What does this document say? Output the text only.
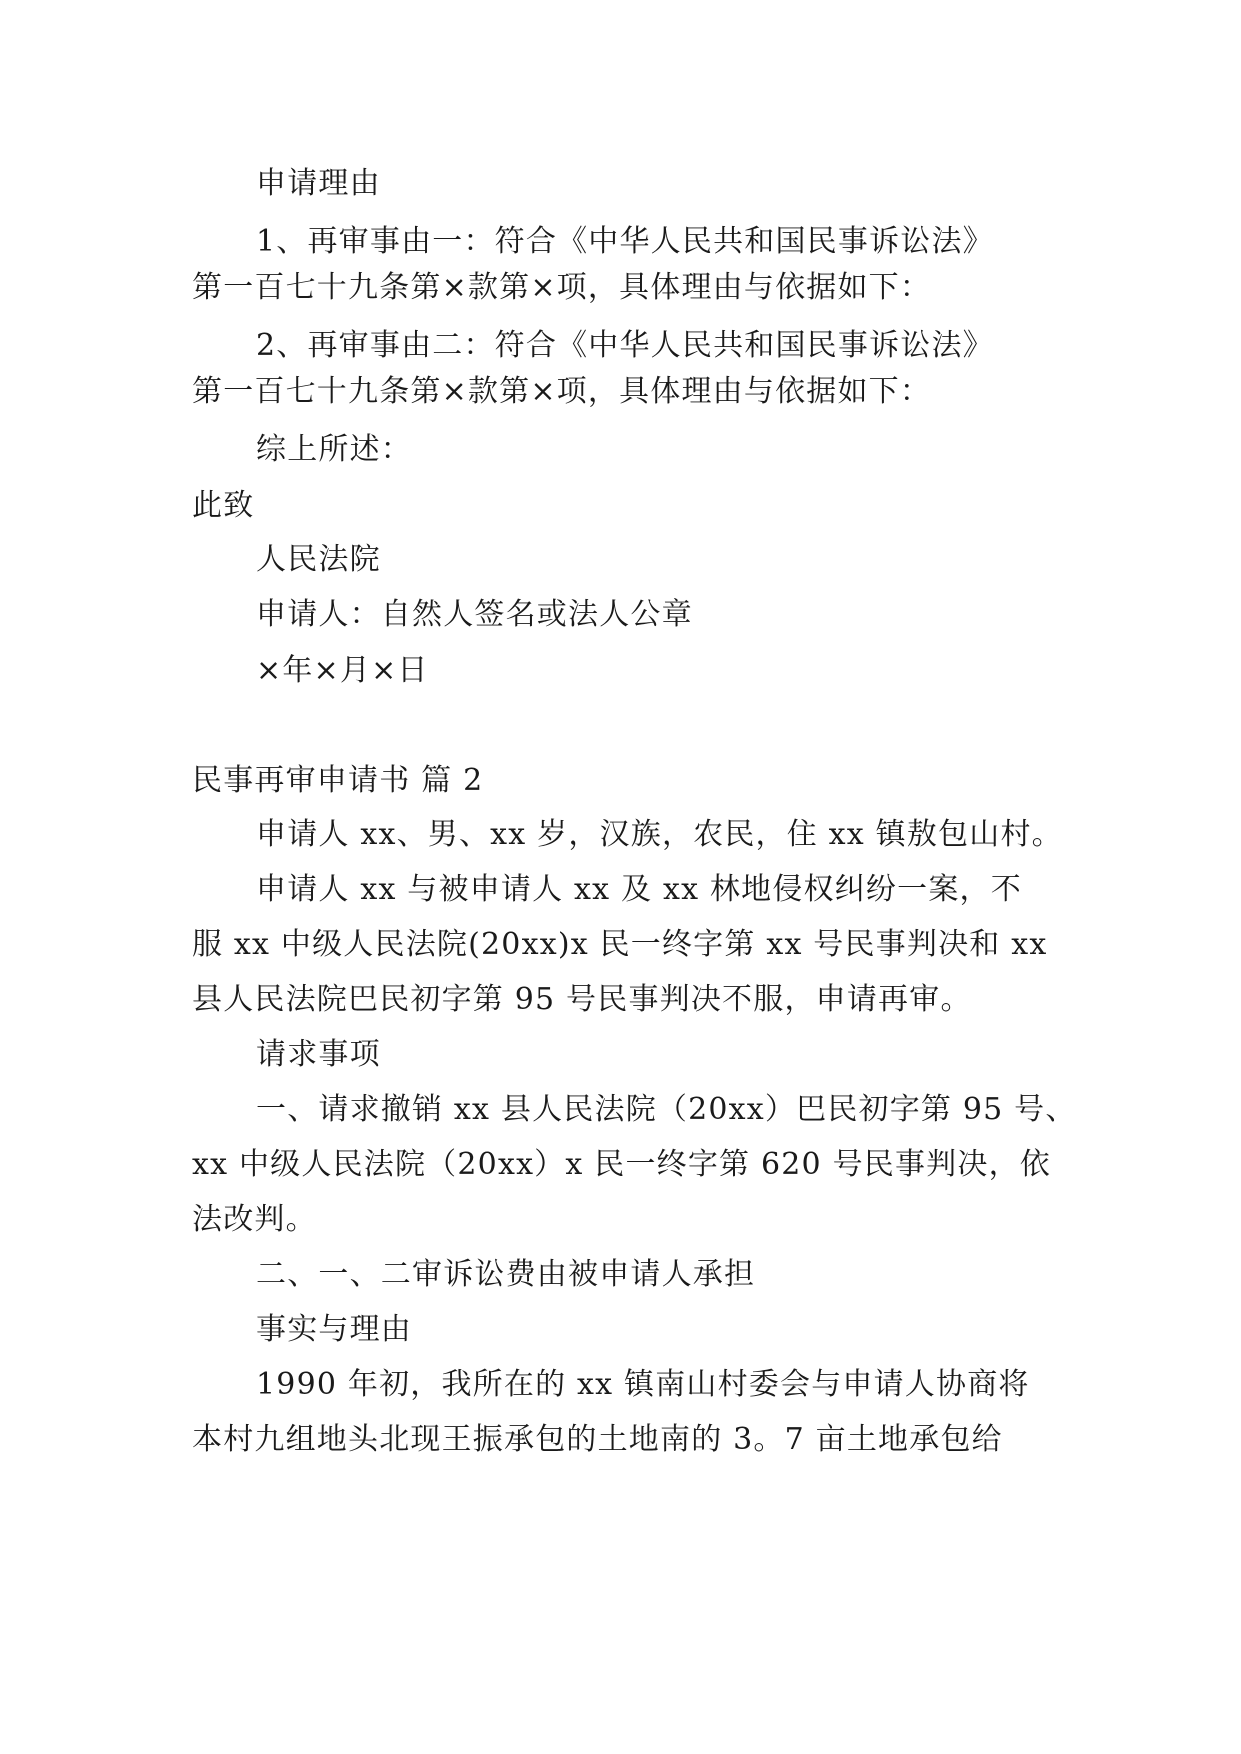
申请理由
1、再审事由一：符合《中华人民共和国民事诉讼法》
第一百七十九条第×款第×项，具体理由与依据如下：
2、再审事由二：符合《中华人民共和国民事诉讼法》
第一百七十九条第×款第×项，具体理由与依据如下：
综上所述：
此致
人民法院
申请人：自然人签名或法人公章
×年×月×日
民事再审申请书 篇 2
申请人 xx、男、xx 岁，汉族，农民，住 xx 镇敖包山村。
申请人 xx 与被申请人 xx 及 xx 林地侵权纠纷一案，不
服 xx 中级人民法院(20xx)x 民一终字第 xx 号民事判决和 xx
县人民法院巴民初字第 95 号民事判决不服，申请再审。
请求事项
一、请求撤销 xx 县人民法院（20xx）巴民初字第 95 号、
xx 中级人民法院（20xx）x 民一终字第 620 号民事判决，依
法改判。
二、一、二审诉讼费由被申请人承担
事实与理由
1990 年初，我所在的 xx 镇南山村委会与申请人协商将
本村九组地头北现王振承包的土地南的 3。7 亩土地承包给
